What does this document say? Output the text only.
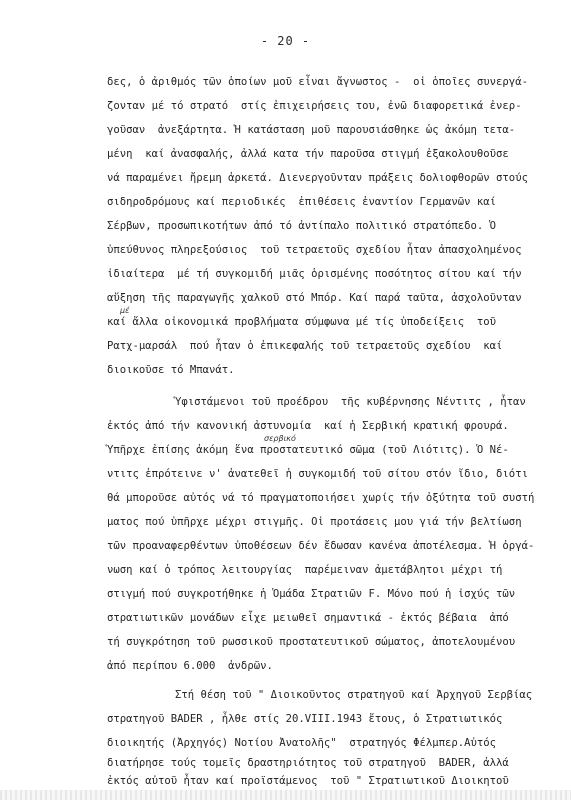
- 20 -
δες, ὁ ἀριθμός τῶν ὁποίων μοῦ εἶναι ἄγνωστος -  οἱ ὁποῖες συνεργά-
ζονταν μέ τό στρατό  στίς ἐπιχειρήσεις του, ἐνῶ διαφορετικά ἐνερ-
γοῦσαν  ἀνεξάρτητα. Ἡ κατάσταση μοῦ παρουσιάσθηκε ὡς ἀκόμη τετα-
μένη  καί ἀνασφαλής, ἀλλά κατα τήν παροῦσα στιγμή ἐξακολουθοῦσε
νά παραμένει ἤρεμη ἀρκετά. Διενεργοῦνταν πράξεις δολιοφθορῶν στούς
σιδηροδρόμους καί περιοδικές  ἐπιθέσεις ἐναντίον Γερμανῶν καί
Σέρβων, προσωπικοτήτων ἀπό τό ἀντίπαλο πολιτικό στρατόπεδο. Ὁ
ὑπεύθυνος πληρεξούσιος  τοῦ τετραετοῦς σχεδίου ἦταν ἀπασχολημένος
ἰδιαίτερα  μέ τή συγκομιδή μιᾶς ὁρισμένης ποσότητος σίτου καί τήν
αὔξηση τῆς παραγωγῆς χαλκοῦ στό Μπόρ. Καί παρά ταῦτα, ἀσχολοῦνταν
μέ
καί ἄλλα οἰκονομικά προβλήματα σύμφωνα μέ τίς ὑποδείξεις  τοῦ
Ρατχ-μαρσάλ  πού ἦταν ὁ ἐπικεφαλής τοῦ τετραετοῦς σχεδίου  καί
διοικοῦσε τό Μπανάτ.
Ὑφιστάμενοι τοῦ προέδρου  τῆς κυβέρνησης Νέντιτς , ἦταν
ἐκτός ἀπό τήν κανονική ἀστυνομία  καί ἡ Σερβική κρατική φρουρά.
σερβικό
Ὑπῆρχε ἐπίσης ἀκόμη ἕνα προστατευτικό σῶμα (τοῦ Λιότιτς). Ὁ Νέ-
ντιτς ἐπρότεινε ν' ἀνατεθεῖ ἡ συγκομιδή τοῦ σίτου στόν ἴδιο, διότι
θά μποροῦσε αὐτός νά τό πραγματοποιήσει χωρίς τήν ὀξύτητα τοῦ συστή
ματος πού ὑπῆρχε μέχρι στιγμῆς. Οἱ προτάσεις μου γιά τήν βελτίωση
τῶν προαναφερθέντων ὑποθέσεων δέν ἔδωσαν κανένα ἀποτέλεσμα. Ἡ ὀργά-
νωση καί ὁ τρόπος λειτουργίας  παρέμειναν ἀμετάβλητοι μέχρι τή
στιγμή πού συγκροτήθηκε ἡ Ὁμάδα Στρατιῶν F. Μόνο πού ἡ ἰσχύς τῶν
στρατιωτικῶν μονάδων εἶχε μειωθεῖ σημαντικά - ἐκτός βέβαια  ἀπό
τή συγκρότηση τοῦ ρωσσικοῦ προστατευτικοῦ σώματος, ἀποτελουμένου
ἀπό περίπου 6.000  ἀνδρῶν.
Στή θέση τοῦ " Διοικοῦντος στρατηγοῦ καί Ἀρχηγοῦ Σερβίας
στρατηγοῦ BADER , ἦλθε στίς 20.VIII.1943 ἔτους, ὁ Στρατιωτικός
διοικητής (Ἀρχηγός) Νοτίου Ἀνατολῆς"  στρατηγός Φέλμπερ.Αὐτός
διατήρησε τούς τομεῖς δραστηριότητος τοῦ στρατηγοῦ  BADER, ἀλλά
ἐκτός αὐτοῦ ἦταν καί προϊστάμενος  τοῦ " Στρατιωτικοῦ Διοικητοῦ
